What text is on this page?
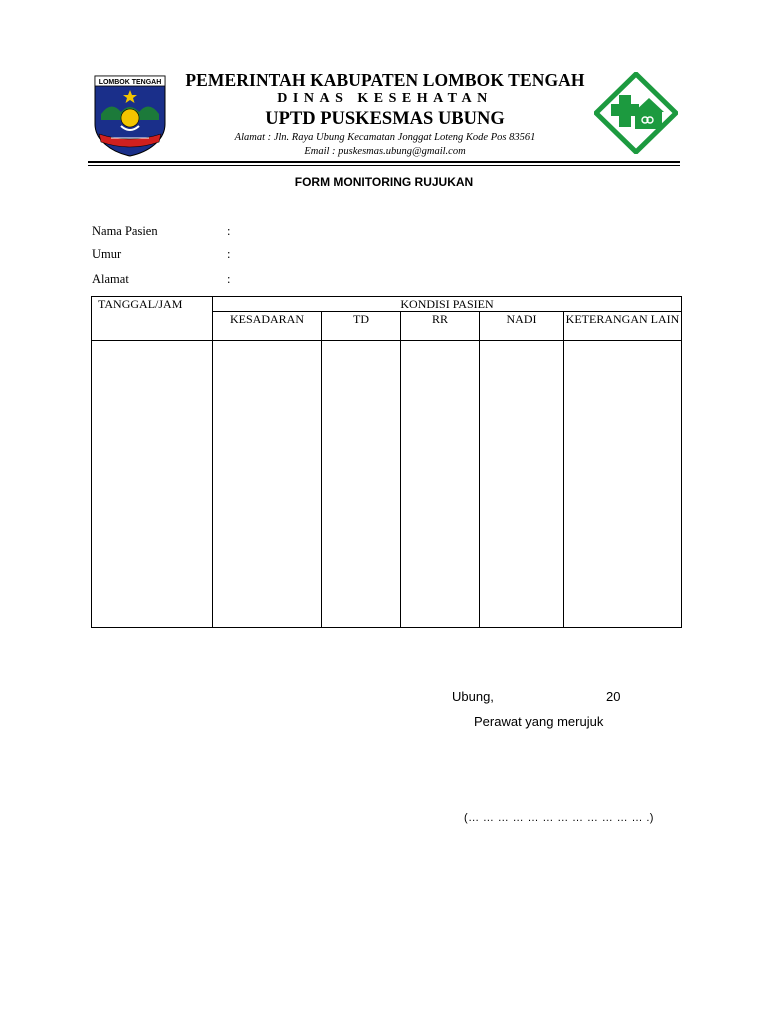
LOMBOK TENGAH	PEMERINTAH KABUPATEN LOMBOK TENGAH
DINAS KESEHATAN
UPTD PUSKESMAS UBUNG
Alamat : Jln. Raya Ubung Kecamatan Jonggat Loteng Kode Pos 83561
Email : puskesmas.ubung@gmail.com
FORM MONITORING RUJUKAN
Nama Pasien	:
Umur	:
Alamat	:
TANGGAL/JAM	KONDISI PASIEN				
	KESADARAN	TD	RR	NADI	KETERANGAN LAIN

Ubung,	20
Perawat yang merujuk
(… … … … … … … … … … … … .)
